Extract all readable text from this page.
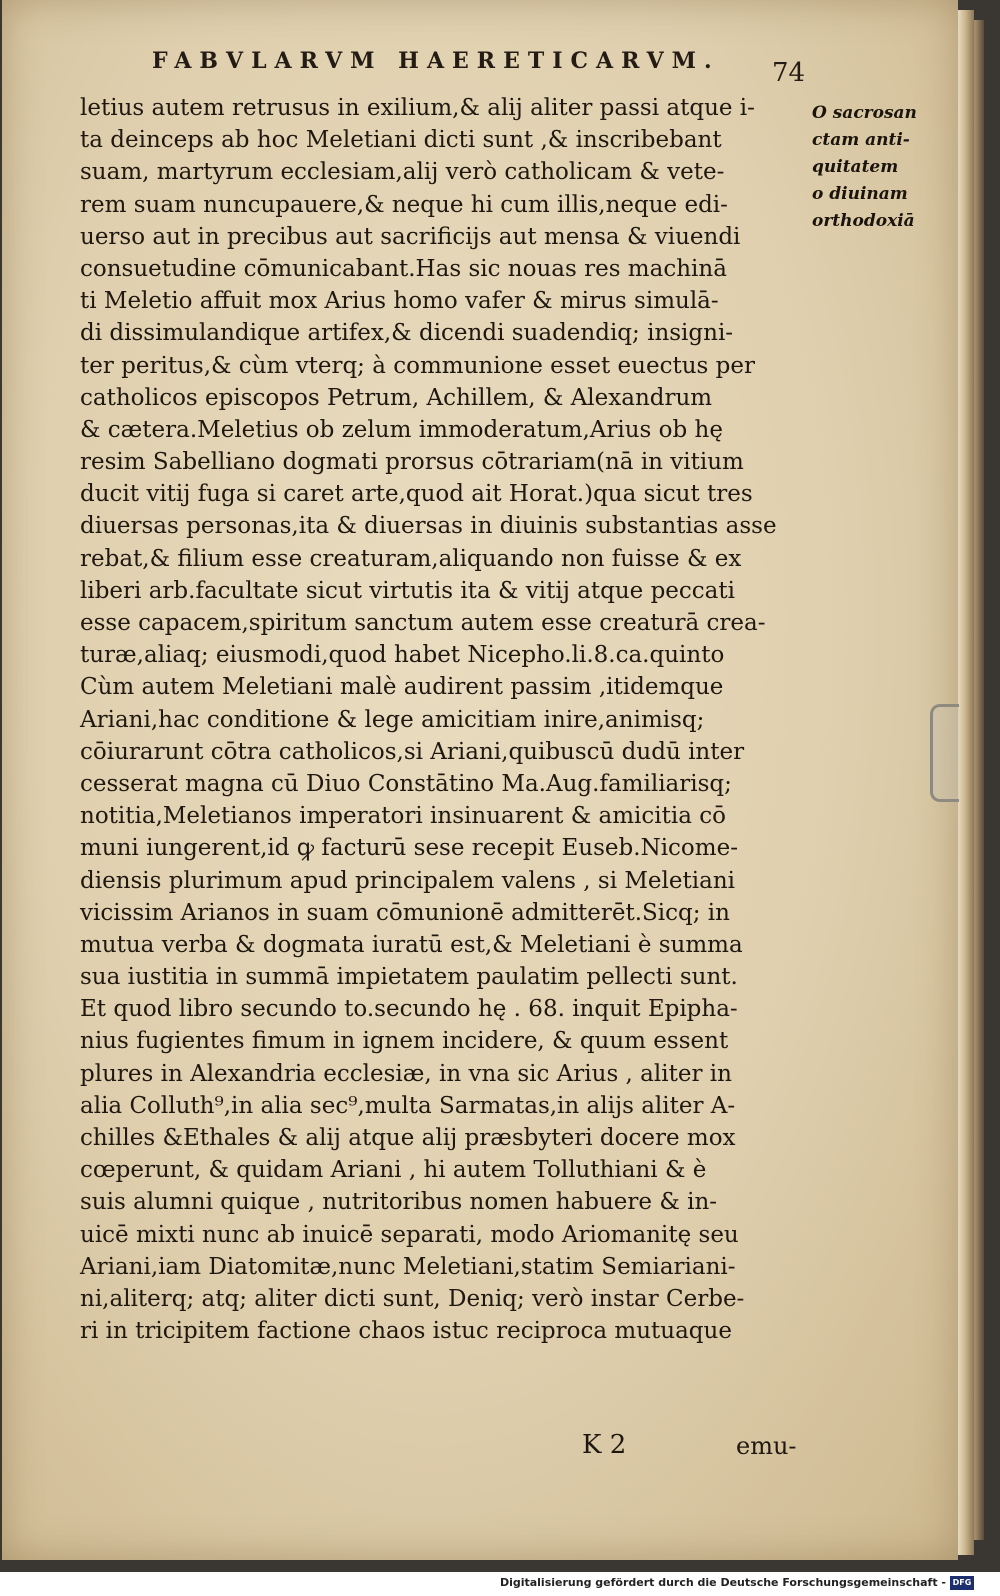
FABVLARVM HAERETICARVM. 74
letius autem retrusus in exilium,& alij aliter passi atque i-
ta deinceps ab hoc Meletiani dicti sunt ,& inscribebant
suam, martyrum ecclesiam,alij verò catholicam & vete-
rem suam nuncupauere,& neque hi cum illis,neque edi-
uerso aut in precibus aut sacrificijs aut mensa & viuendi
consuetudine cōmunicabant.Has sic nouas res machinā
ti Meletio affuit mox Arius homo vafer & mirus simulā-
di dissimulandique artifex,& dicendi suadendiq; insigni-
ter peritus,& cùm vterq; à communione esset euectus per
catholicos episcopos Petrum, Achillem, & Alexandrum
& cætera.Meletius ob zelum immoderatum,Arius ob hę
resim Sabelliano dogmati prorsus cōtrariam(nā in vitium
ducit vitij fuga si caret arte,quod ait Horat.)qua sicut tres
diuersas personas,ita & diuersas in diuinis substantias asse
rebat,& filium esse creaturam,aliquando non fuisse & ex
liberi arb.facultate sicut virtutis ita & vitij atque peccati
esse capacem,spiritum sanctum autem esse creaturā crea-
turæ,aliaq; eiusmodi,quod habet Nicepho.li.8.ca.quinto
Cùm autem Meletiani malè audirent passim ,itidemque
Ariani,hac conditione & lege amicitiam inire,animisq;
cōiurarunt cōtra catholicos,si Ariani,quibuscū dudū inter
cesserat magna cū Diuo Constātino Ma.Aug.familiarisq;
notitia,Meletianos imperatori insinuarent & amicitia cō
muni iungerent,id ꝙ facturū sese recepit Euseb.Nicome-
diensis plurimum apud principalem valens , si Meletiani
vicissim Arianos in suam cōmunionē admitterēt.Sicq; in
mutua verba & dogmata iuratū est,& Meletiani è summa
sua iustitia in summā impietatem paulatim pellecti sunt.
Et quod libro secundo to.secundo hę . 68. inquit Epipha-
nius fugientes fimum in ignem incidere, & quum essent
plures in Alexandria ecclesiæ, in vna sic Arius , aliter in
alia Colluth⁹,in alia sec⁹,multa Sarmatas,in alijs aliter A-
chilles &Ethales & alij atque alij præsbyteri docere mox
cœperunt, & quidam Ariani , hi autem Tolluthiani & è
suis alumni quique , nutritoribus nomen habuere & in-
uicē mixti nunc ab inuicē separati, modo Ariomanitę seu
Ariani,iam Diatomitæ,nunc Meletiani,statim Semiariani-
ni,aliterq; atq; aliter dicti sunt, Deniq; verò instar Cerbe-
ri in tricipitem factione chaos istuc reciproca mutuaque
O sacrosan
ctam anti-
quitatem
o diuinam
orthodoxiā
K 2	emu-
Digitalisierung gefördert durch die Deutsche Forschungsgemeinschaft - DFG
